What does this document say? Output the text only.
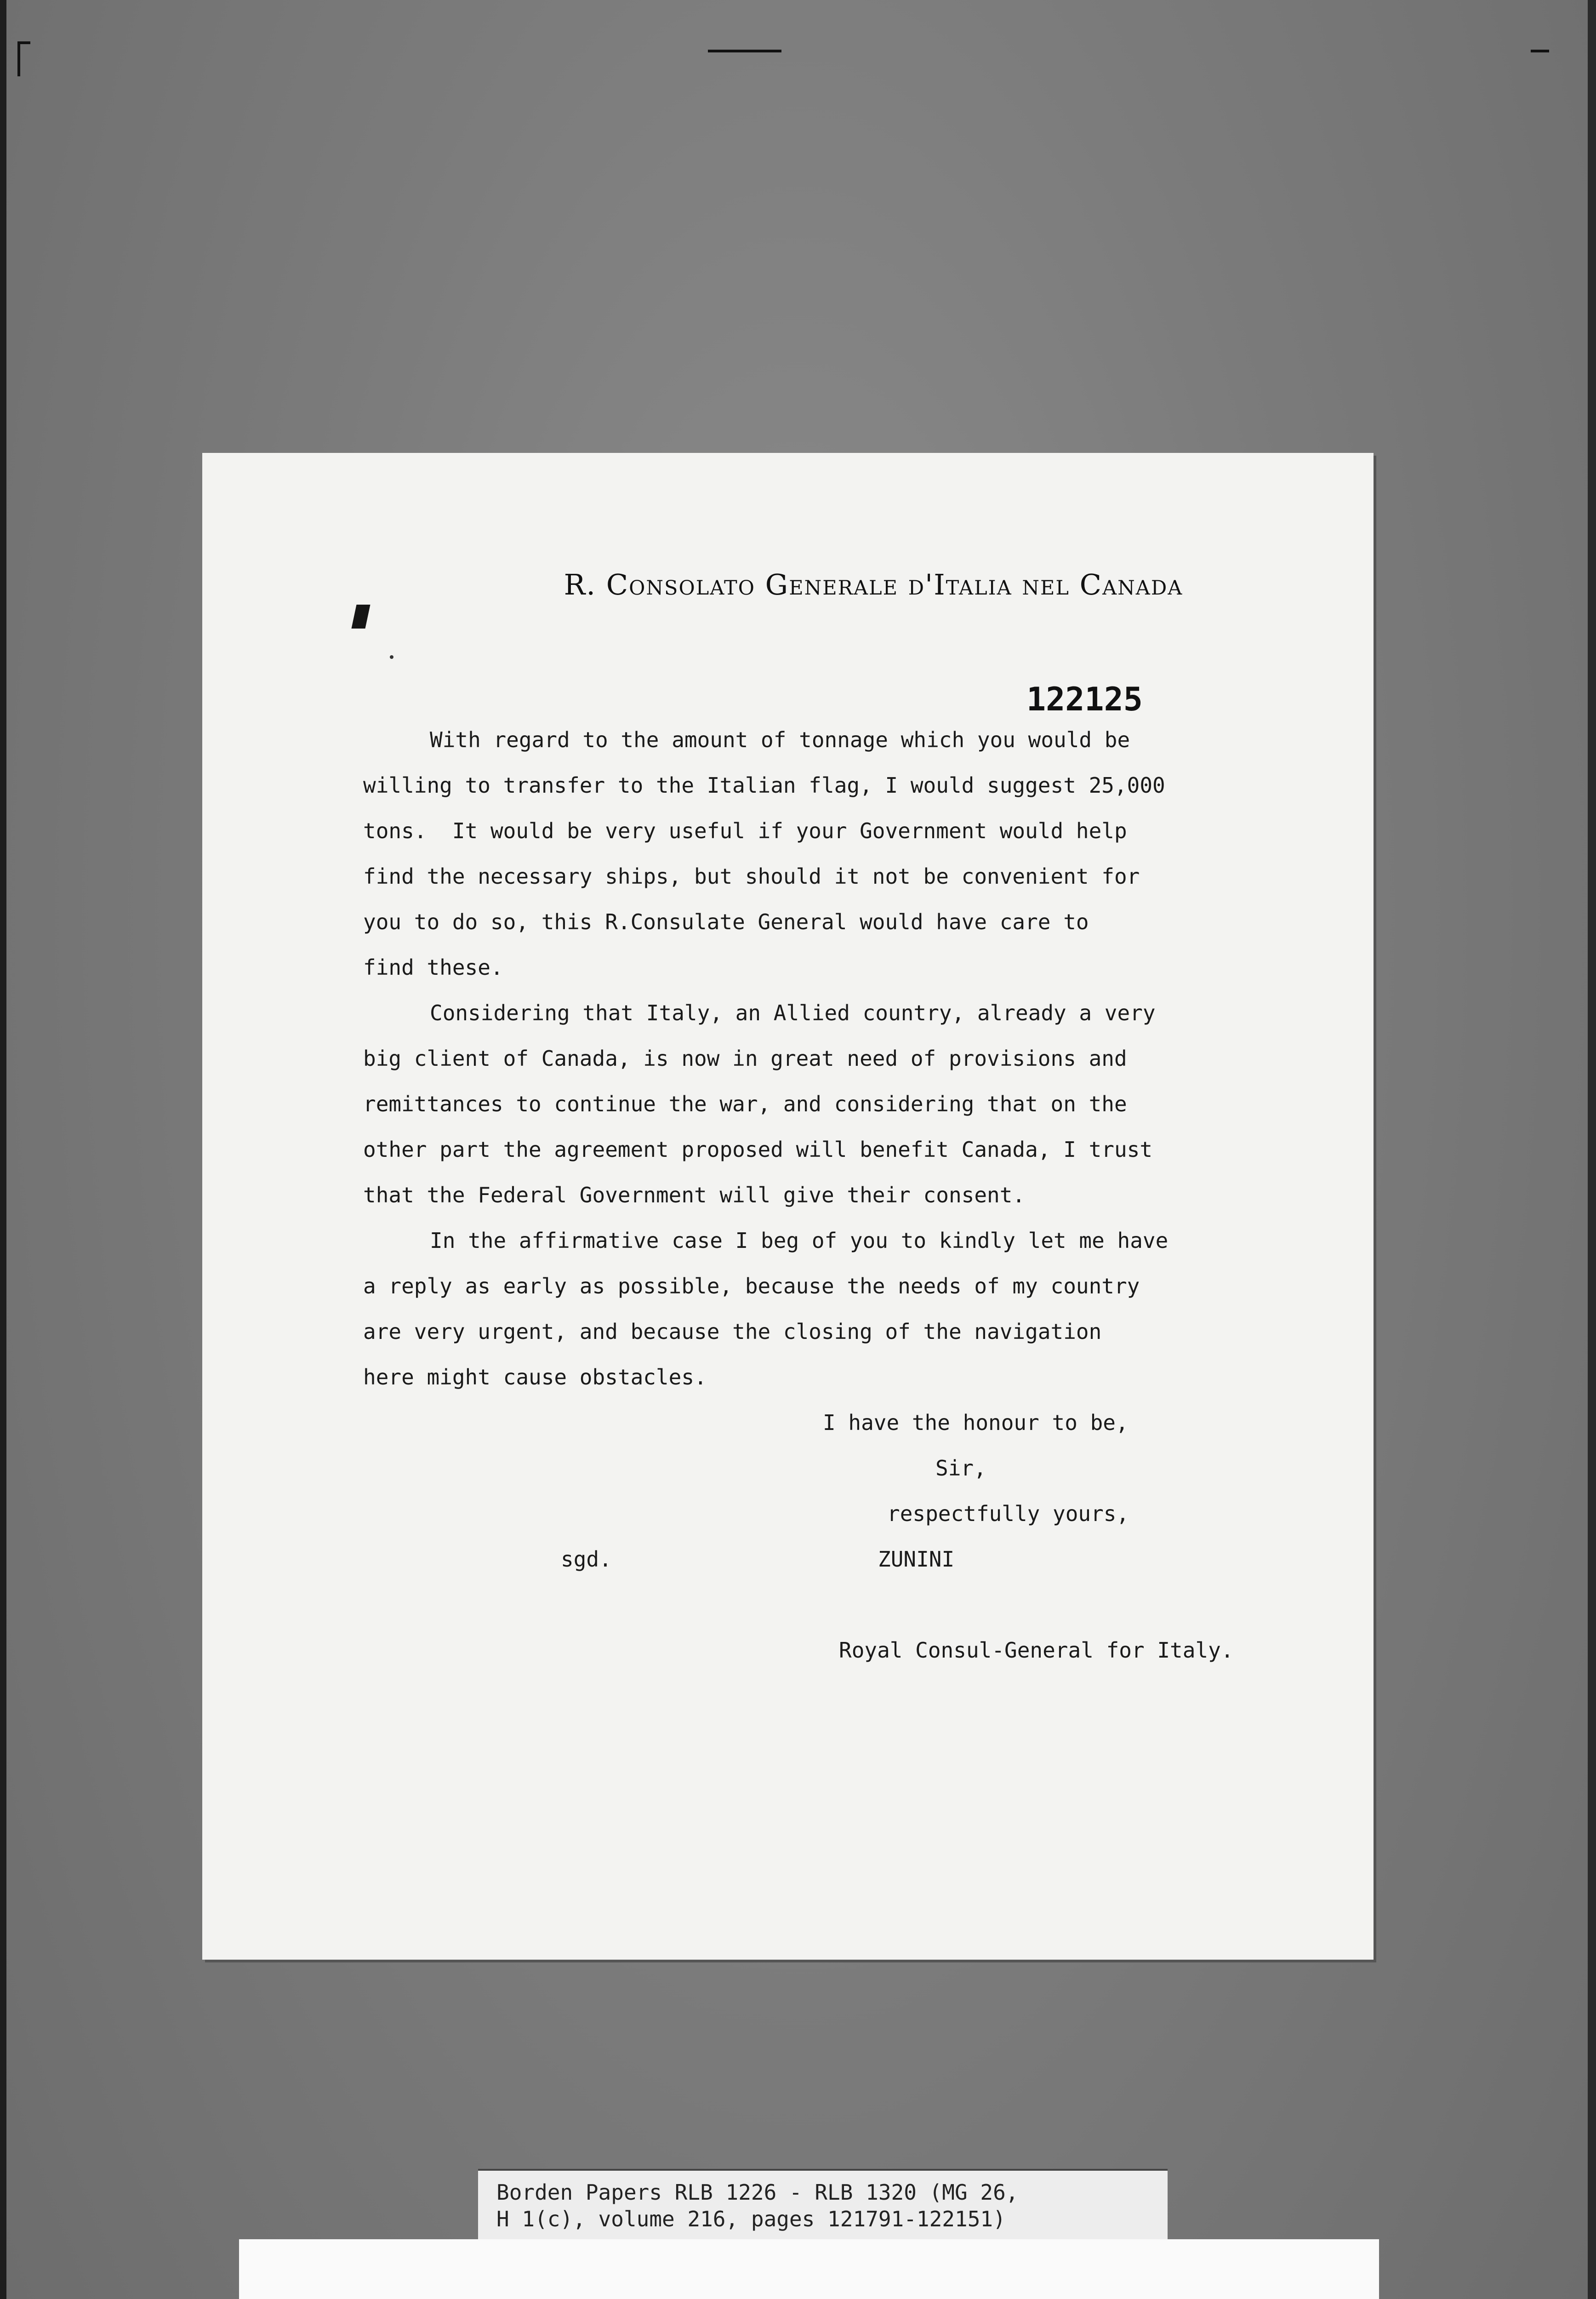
R. Consolato Generale d'Italia nel Canada
122125
With regard to the amount of tonnage which you would be
willing to transfer to the Italian flag, I would suggest 25,000
tons.  It would be very useful if your Government would help
find the necessary ships, but should it not be convenient for
you to do so, this R.Consulate General would have care to
find these.
Considering that Italy, an Allied country, already a very
big client of Canada, is now in great need of provisions and
remittances to continue the war, and considering that on the
other part the agreement proposed will benefit Canada, I trust
that the Federal Government will give their consent.
In the affirmative case I beg of you to kindly let me have
a reply as early as possible, because the needs of my country
are very urgent, and because the closing of the navigation
here might cause obstacles.
I have the honour to be,
Sir,
respectfully yours,

sgd.

	ZUNINI

Royal Consul-General for Italy.
Borden Papers RLB 1226 - RLB 1320 (MG 26,
H 1(c), volume 216, pages 121791-122151)
